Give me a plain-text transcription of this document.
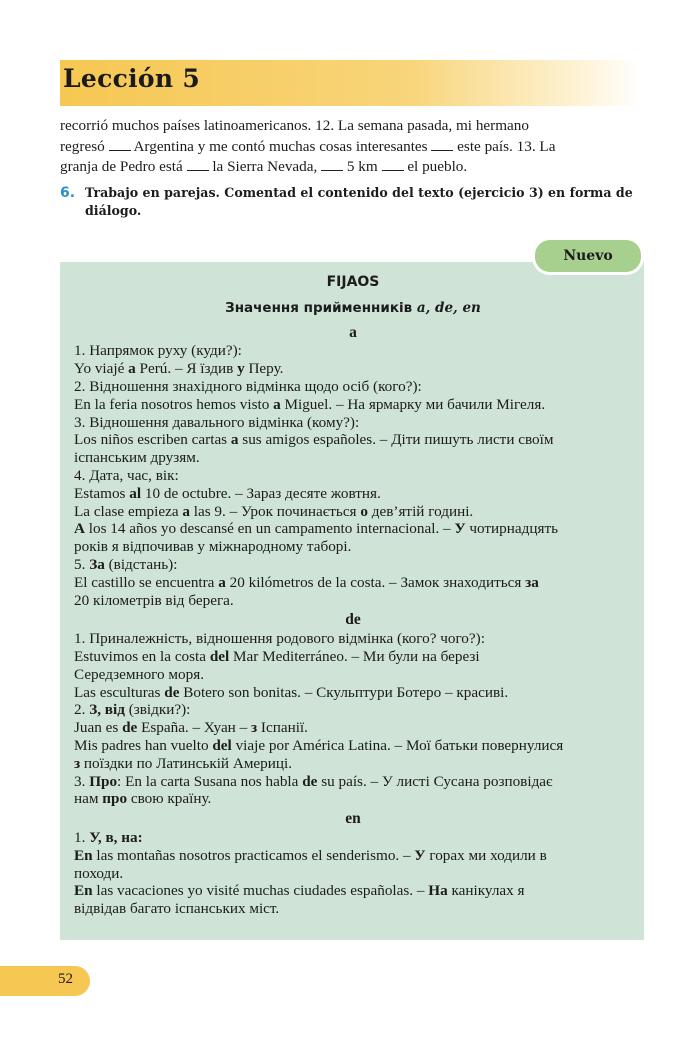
Lección 5
recorrió muchos países latinoamericanos. 12. La semana pasada, mi hermano
regresó Argentina y me contó muchas cosas interesantes este país. 13. La
granja de Pedro está la Sierra Nevada, 5 km el pueblo.
6. Trabajo en parejas. Comentad el contenido del texto (ejercicio 3) en forma de diálogo.
FIJAOS
Значення прийменників a, de, en
a
1. Напрямок руху (куди?):
Yo viajé a Perú. – Я їздив у Перу.
2. Відношення знахідного відмінка щодо осіб (кого?):
En la feria nosotros hemos visto a Miguel. – На ярмарку ми бачили Мігеля.
3. Відношення давального відмінка (кому?):
Los niños escriben cartas a sus amigos españoles. – Діти пишуть листи своїм
іспанським друзям.
4. Дата, час, вік:
Estamos al 10 de octubre. – Зараз десяте жовтня.
La clase empieza a las 9. – Урок починається о дев’ятій годині.
A los 14 años yo descansé en un campamento internacional. – У чотирнадцять
років я відпочивав у міжнародному таборі.
5. За (відстань):
El castillo se encuentra a 20 kilómetros de la costa. – Замок знаходиться за
20 кілометрів від берега.
de
1. Приналежність, відношення родового відмінка (кого? чого?):
Estuvimos en la costa del Mar Mediterráneo. – Ми були на березі
Середземного моря.
Las esculturas de Botero son bonitas. – Скульптури Ботеро – красиві.
2. З, від (звідки?):
Juan es de España. – Хуан – з Іспанії.
Mis padres han vuelto del viaje por América Latina. – Мої батьки повернулися
з поїздки по Латинській Америці.
3. Про: En la carta Susana nos habla de su país. – У листі Сусана розповідає
нам про свою країну.
en
1. У, в, на:
En las montañas nosotros practicamos el senderismo. – У горах ми ходили в
походи.
En las vacaciones yo visité muchas ciudades españolas. – На канікулах я
відвідав багато іспанських міст.
Nuevo
52
